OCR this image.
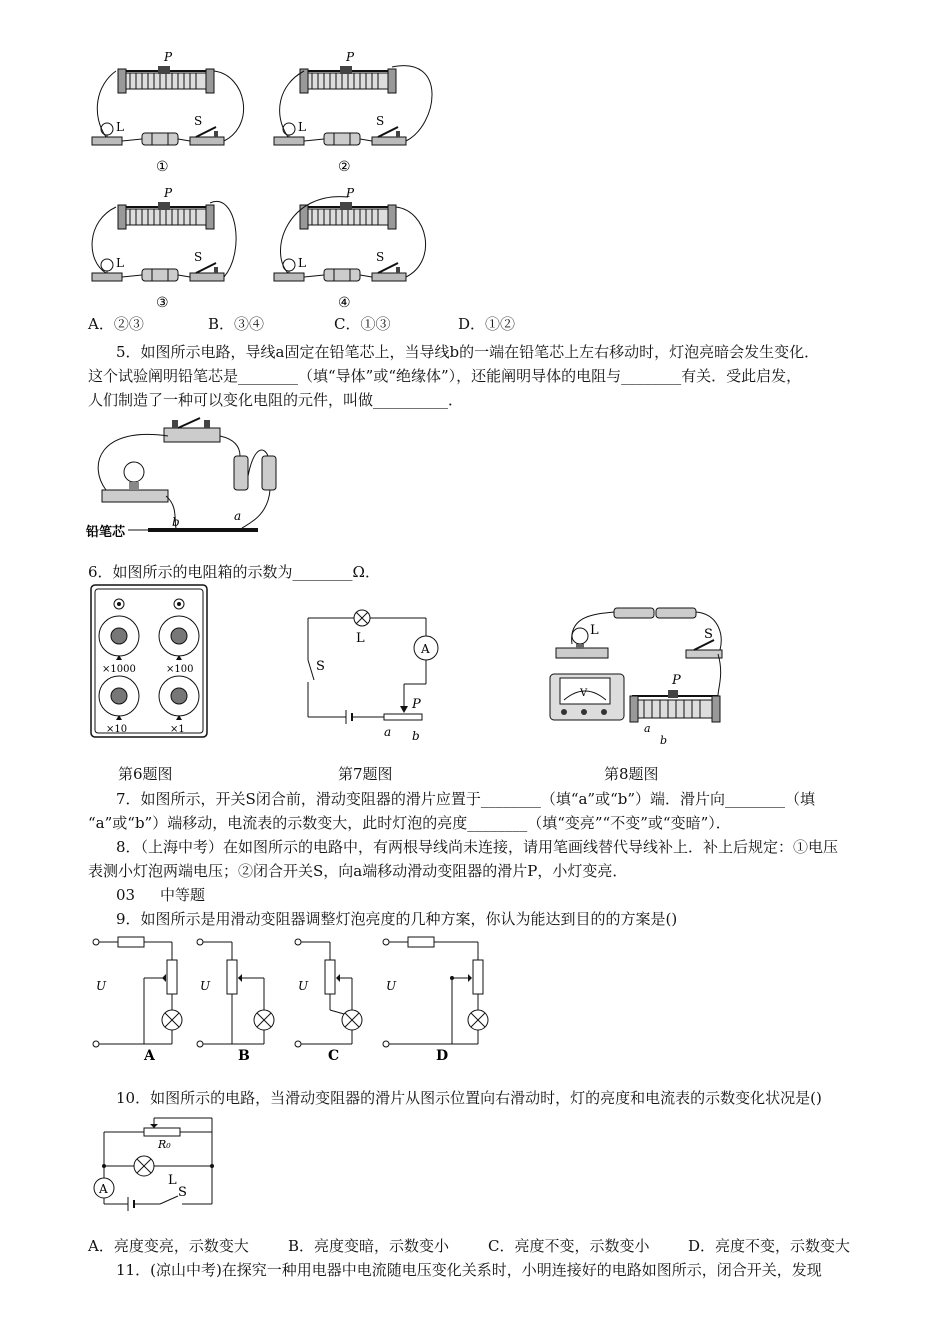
P
L	S
①
P
L	S
②
P
L	S
③
P
L	S
④
A．②③	B．③④	C．①③	D．①②
5．如图所示电路，导线a固定在铅笔芯上，当导线b的一端在铅笔芯上左右移动时，灯泡亮暗会发生变化．
这个试验阐明铅笔芯是________（填“导体”或“绝缘体”），还能阐明导体的电阻与________有关．受此启发，
人们制造了一种可以变化电阻的元件，叫做__________．
铅笔芯
b	a
6．如图所示的电阻箱的示数为________Ω．
×1000	×100
×10	×1
A
L
S
P
a b
V
L	S
P
a
b
第6题图	第7题图	第8题图
7．如图所示，开关S闭合前，滑动变阻器的滑片应置于________（填“a”或“b”）端．滑片向________（填
“a”或“b”）端移动，电流表的示数变大，此时灯泡的亮度________（填“变亮”“不变”或“变暗”）．
8．（上海中考）在如图所示的电路中，有两根导线尚未连接，请用笔画线替代导线补上．补上后规定：①电压
表测小灯泡两端电压；②闭合开关S，向a端移动滑动变阻器的滑片P，小灯变亮．
03 中等题
9．如图所示是用滑动变阻器调整灯泡亮度的几种方案，你认为能达到目的的方案是()
U
A
U
B
U
C
U
D
10．如图所示的电路，当滑动变阻器的滑片从图示位置向右滑动时，灯的亮度和电流表的示数变化状况是()
A
R₀
L
S
A．亮度变亮，示数变大	B．亮度变暗，示数变小	C．亮度不变，示数变小	D．亮度不变，示数变大
11．(凉山中考)在探究一种用电器中电流随电压变化关系时，小明连接好的电路如图所示，闭合开关，发现
